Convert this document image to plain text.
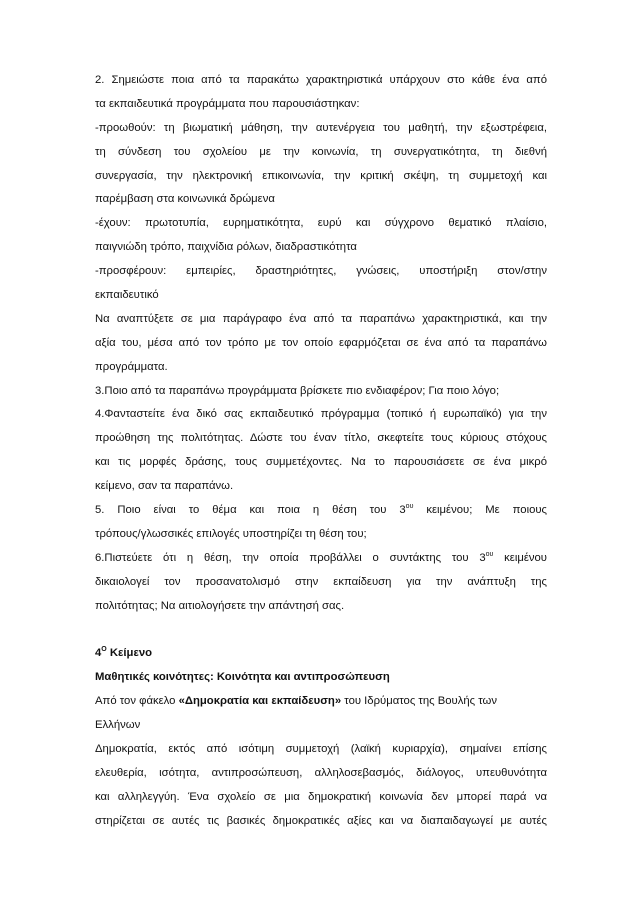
2. Σημειώστε ποια από τα παρακάτω χαρακτηριστικά υπάρχουν στο κάθε ένα από
τα εκπαιδευτικά προγράμματα που παρουσιάστηκαν:
-προωθούν: τη βιωματική μάθηση, την αυτενέργεια του μαθητή, την εξωστρέφεια,
τη σύνδεση του σχολείου με την κοινωνία, τη συνεργατικότητα, τη διεθνή
συνεργασία, την ηλεκτρονική επικοινωνία, την κριτική σκέψη, τη συμμετοχή και
παρέμβαση στα κοινωνικά δρώμενα
-έχουν: πρωτοτυπία, ευρηματικότητα, ευρύ και σύγχρονο θεματικό πλαίσιο,
παιγνιώδη τρόπο, παιχνίδια ρόλων, διαδραστικότητα
-προσφέρουν: εμπειρίες, δραστηριότητες, γνώσεις, υποστήριξη στον/στην
εκπαιδευτικό
Να αναπτύξετε σε μια παράγραφο ένα από τα παραπάνω χαρακτηριστικά, και την
αξία του, μέσα από τον τρόπο με τον οποίο εφαρμόζεται σε ένα από τα παραπάνω
προγράμματα.
3.Ποιο από τα παραπάνω προγράμματα βρίσκετε πιο ενδιαφέρον; Για ποιο λόγο;
4.Φανταστείτε ένα δικό σας εκπαιδευτικό πρόγραμμα (τοπικό ή ευρωπαϊκό) για την
προώθηση της πολιτότητας. Δώστε του έναν τίτλο, σκεφτείτε τους κύριους στόχους
και τις μορφές δράσης, τους συμμετέχοντες. Να το παρουσιάσετε σε ένα μικρό
κείμενο, σαν τα παραπάνω.
5. Ποιο είναι το θέμα και ποια η θέση του $3^{o\upsilon}$ κειμένου; Με ποιους
τρόπους/γλωσσικές επιλογές υποστηρίζει τη θέση του;
6.Πιστεύετε ότι η θέση, την οποία προβάλλει ο συντάκτης του $3^{o\upsilon}$ κειμένου
δικαιολογεί τον προσανατολισμό στην εκπαίδευση για την ανάπτυξη της
πολιτότητας; Να αιτιολογήσετε την απάντησή σας.
$4^O$ Κείμενο
Μαθητικές κοινότητες: Κοινότητα και αντιπροσώπευση
Από τον φάκελο «Δημοκρατία και εκπαίδευση» του Ιδρύματος της Βουλής των
Ελλήνων
Δημοκρατία, εκτός από ισότιμη συμμετοχή (λαϊκή κυριαρχία), σημαίνει επίσης
ελευθερία, ισότητα, αντιπροσώπευση, αλληλοσεβασμός, διάλογος, υπευθυνότητα
και αλληλεγγύη. Ένα σχολείο σε μια δημοκρατική κοινωνία δεν μπορεί παρά να
στηρίζεται σε αυτές τις βασικές δημοκρατικές αξίες και να διαπαιδαγωγεί με αυτές
